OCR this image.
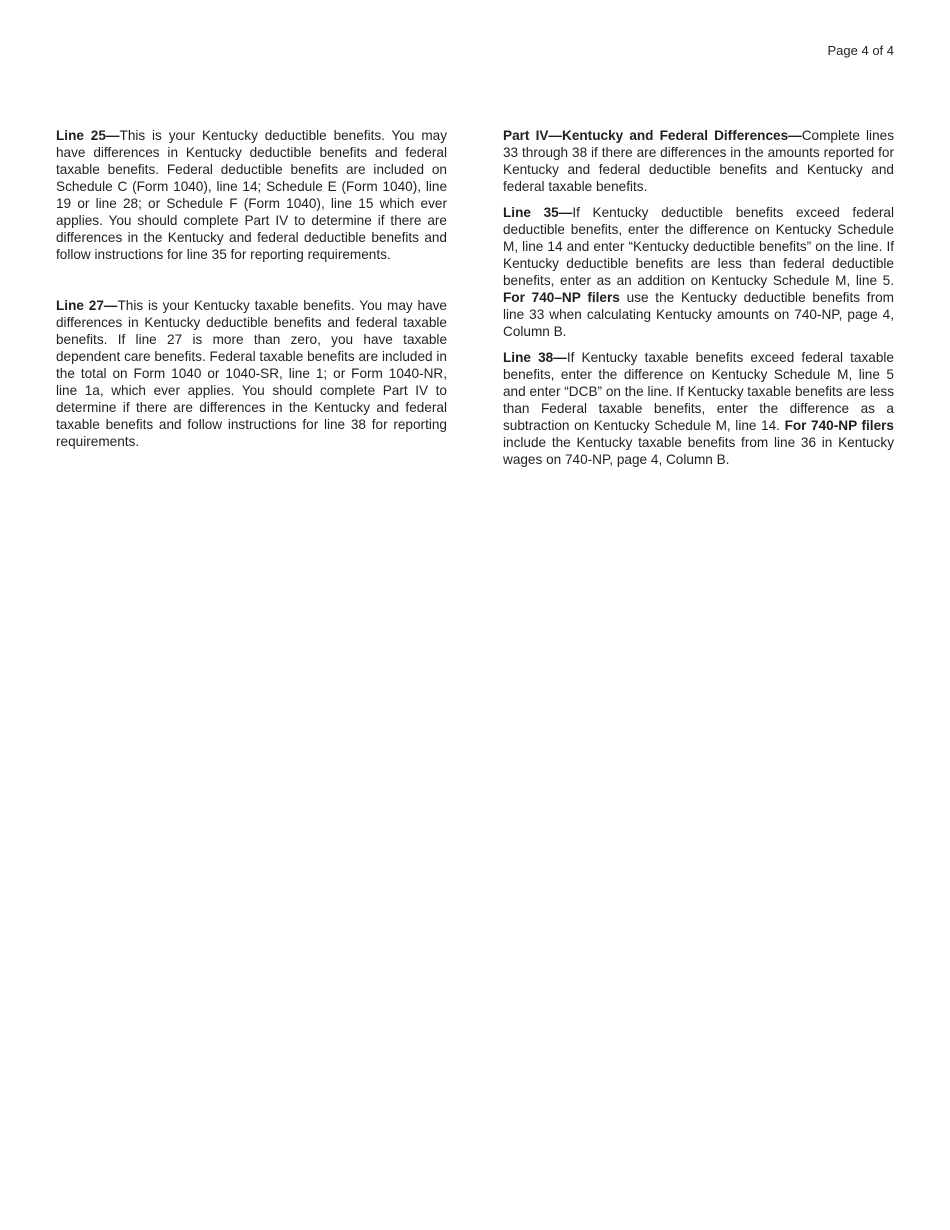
Page 4 of 4

Line 25—This is your Kentucky deductible benefits. You may have differences in Kentucky deductible benefits and federal taxable benefits. Federal deductible benefits are included on Schedule C (Form 1040), line 14; Schedule E (Form 1040), line 19 or line 28; or Schedule F (Form 1040), line 15 which ever applies. You should complete Part IV to determine if there are differences in the Kentucky and federal deductible benefits and follow instructions for line 35 for reporting requirements.

Line 27—This is your Kentucky taxable benefits. You may have differences in Kentucky deductible benefits and federal taxable benefits. If line 27 is more than zero, you have taxable dependent care benefits. Federal taxable benefits are included in the total on Form 1040 or 1040-SR, line 1; or Form 1040-NR, line 1a, which ever applies. You should complete Part IV to determine if there are differences in the Kentucky and federal taxable benefits and follow instructions for line 38 for reporting requirements.

Part IV—Kentucky and Federal Differences—Complete lines 33 through 38 if there are differences in the amounts reported for Kentucky and federal deductible benefits and Kentucky and federal taxable benefits.

Line 35—If Kentucky deductible benefits exceed federal deductible benefits, enter the difference on Kentucky Schedule M, line 14 and enter “Kentucky deductible benefits” on the line. If Kentucky deductible benefits are less than federal deductible benefits, enter as an addition on Kentucky Schedule M, line 5. For 740–NP filers use the Kentucky deductible benefits from line 33 when calculating Kentucky amounts on 740-NP, page 4, Column B.

Line 38—If Kentucky taxable benefits exceed federal taxable benefits, enter the difference on Kentucky Schedule M, line 5 and enter “DCB” on the line. If Kentucky taxable benefits are less than Federal taxable benefits, enter the difference as a subtraction on Kentucky Schedule M, line 14. For 740-NP filers include the Kentucky taxable benefits from line 36 in Kentucky wages on 740-NP, page 4, Column B.
